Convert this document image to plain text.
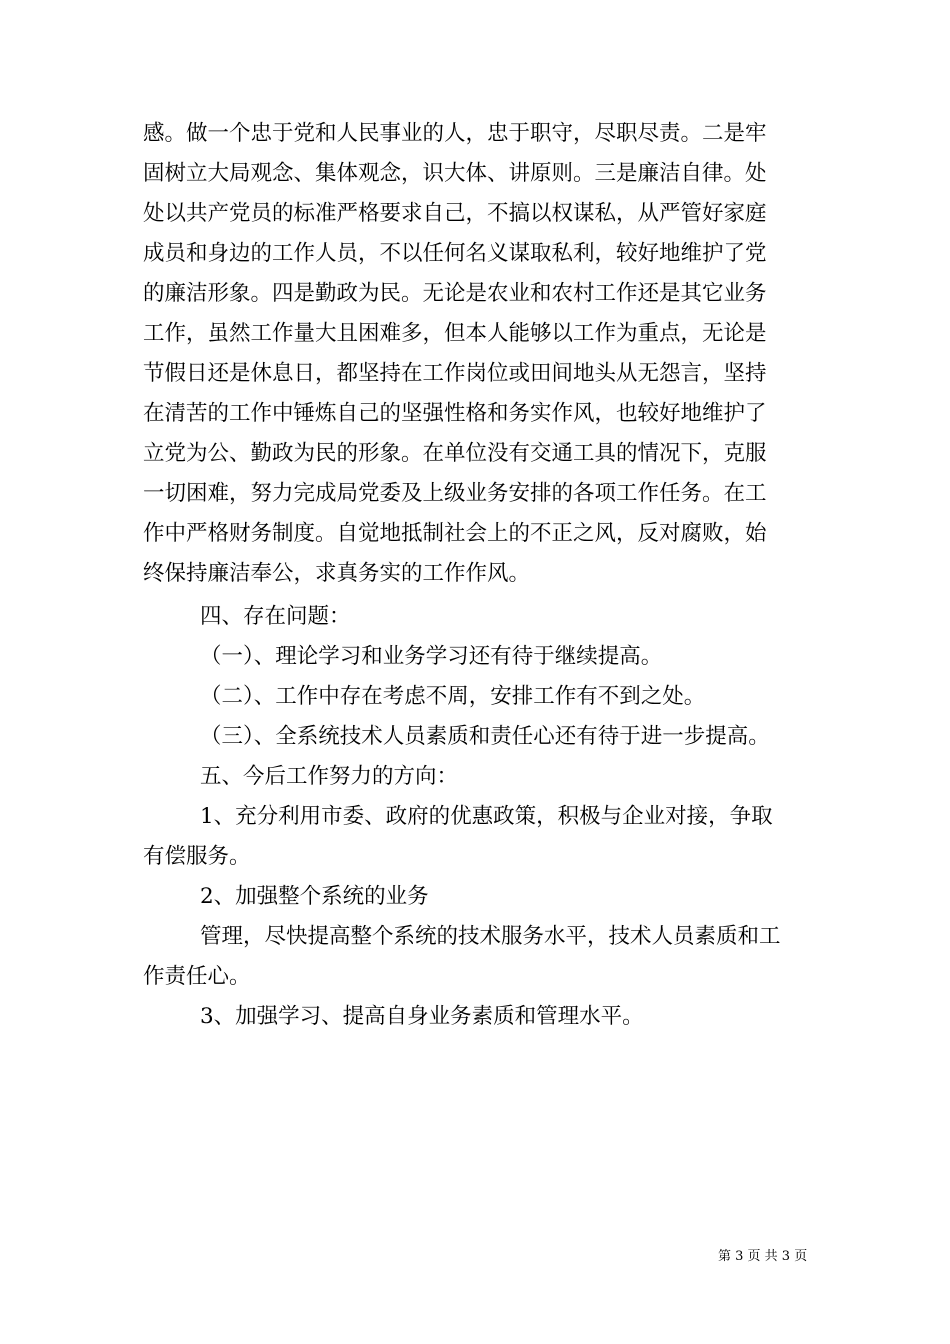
感。做一个忠于党和人民事业的人，忠于职守，尽职尽责。二是牢
固树立大局观念、集体观念，识大体、讲原则。三是廉洁自律。处
处以共产党员的标准严格要求自己，不搞以权谋私，从严管好家庭
成员和身边的工作人员，不以任何名义谋取私利，较好地维护了党
的廉洁形象。四是勤政为民。无论是农业和农村工作还是其它业务
工作，虽然工作量大且困难多，但本人能够以工作为重点，无论是
节假日还是休息日，都坚持在工作岗位或田间地头从无怨言，坚持
在清苦的工作中锤炼自己的坚强性格和务实作风，也较好地维护了
立党为公、勤政为民的形象。在单位没有交通工具的情况下，克服
一切困难，努力完成局党委及上级业务安排的各项工作任务。在工
作中严格财务制度。自觉地抵制社会上的不正之风，反对腐败，始
终保持廉洁奉公，求真务实的工作作风。
四、存在问题：
（一）、理论学习和业务学习还有待于继续提高。
（二）、工作中存在考虑不周，安排工作有不到之处。
（三）、全系统技术人员素质和责任心还有待于进一步提高。
五、今后工作努力的方向：
1、充分利用市委、政府的优惠政策，积极与企业对接，争取
有偿服务。
2、加强整个系统的业务
管理，尽快提高整个系统的技术服务水平，技术人员素质和工
作责任心。
3、加强学习、提高自身业务素质和管理水平。
第 3 页 共 3 页
